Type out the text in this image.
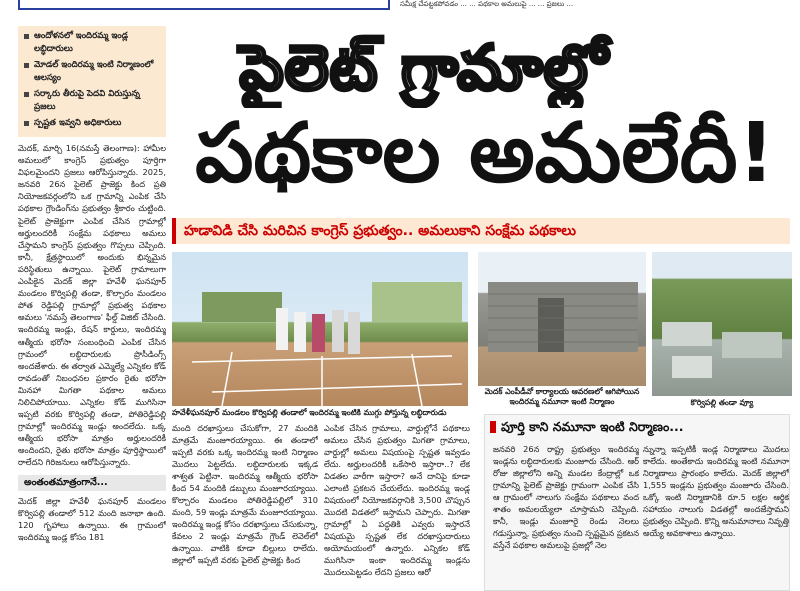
సమీక్ష చేపట్టకపోవడం ... ... పథకాల అమలుపై ... ... ప్రజలు ...
ఆందోళనలో ఇందిరమ్మ ఇండ్ల లబ్ధిదారులు
మోడల్ ఇందిరమ్మ ఇంటి నిర్మాణంలో ఆలస్యం
సర్కారు తీరుపై పెదవి విరుస్తున్న ప్రజలు
స్పష్టత ఇవ్వని అధికారులు

మెదక్, మార్చి 16(నమస్తే తెలంగాణ): హామీల అమలులో కాంగ్రెస్ ప్రభుత్వం పూర్తిగా విఫలమైందని ప్రజలు ఆరోపిస్తున్నారు. 2025, జనవరి 26న పైలెట్ ప్రాజెక్టు కింద ప్రతి నియోజకవర్గంలోని ఒక గ్రామాన్ని ఎంపిక చేసి పథకాల గ్రౌండింగ్‌ను ప్రభుత్వం శ్రీకారం చుట్టింది. పైలెట్ ప్రాజెక్టుగా ఎంపిక చేసిన గ్రామాల్లో అర్హులందరికీ సంక్షేమ పథకాలు అమలు చేస్తామని కాంగ్రెస్ ప్రభుత్వం గొప్పలు చెప్పింది. కానీ, క్షేత్రస్థాయిలో అందుకు భిన్నమైన పరిస్థితులు ఉన్నాయి. పైలెట్ గ్రామాలుగా ఎంపికైన మెదక్ జిల్లా హవేళీ ఘనపూర్ మండలం కొర్విపల్లి తండా, కొల్చారం మండలం పోత రెడ్డిపల్లి గ్రామాల్లో ప్రభుత్వ పథకాల అమలు 'నమస్తే తెలంగాణ' ఫీల్డ్ విజిట్ చేసింది. ఇందిరమ్మ ఇండ్లు, రేషన్ కార్డులు, ఇందిరమ్మ ఆత్మీయ భరోసా సంబంధించి ఎంపిక చేసిన గ్రామంలో లబ్ధిదారులకు ప్రొసీడింగ్స్ అందజేశారు. ఈ తర్వాత ఎమ్మెల్యే ఎన్నికల కోడ్ రావడంతో నిబంధనల ప్రకారం రైతు భరోసా మినహా మిగతా పథకాల అమలు నిలిచిపోయాయి. ఎన్నికల కోడ్ ముగిసినా ఇప్పటి వరకు కొర్విపల్లి తండా, పోతిరెడ్డిపల్లి గ్రామాల్లో ఇందిరమ్మ ఇండ్లు అందలేదు. ఒక్క ఆత్మీయ భరోసా మాత్రం అర్హులందరికీ అందిందని, రైతు భరోసా మాత్రం పూర్తిస్థాయిలో రాలేదని గిరిజనులు ఆరోపిస్తున్నారు.

అంతంతమాత్రంగానే...

మెదక్ జిల్లా హవేళీ ఘనపూర్ మండలం కొర్విపల్లి తండాలో 512 మంది జనాభా ఉంది. 120 గృహాలు ఉన్నాయి. ఈ గ్రామంలో ఇందిరమ్మ ఇండ్ల కోసం 181

పైలెట్ గ్రామాల్లో
పథకాల అమలేదీ!
హడావిడి చేసి మరిచిన కాంగ్రెస్ ప్రభుత్వం.. అమలుకాని సంక్షేమ పథకాలు
హవేళీఘనపూర్ మండలం కొర్విపల్లి తండాలో ఇందిరమ్మ ఇంటికి ముగ్గు పోస్తున్న లబ్ధిదారుడు
మెదక్ ఎంపీడీవో కార్యాలయ ఆవరణలో ఆగిపోయిన ఇందిరమ్మ నమూనా ఇంటి నిర్మాణం	కొర్విపల్లి తండా వ్యూ
మంది దరఖాస్తులు చేసుకోగా, 27 మందికి మాత్రమే మంజూరయ్యాయి. ఈ తండాలో ఇప్పటి వరకు ఒక్క ఇందిరమ్మ ఇంటి నిర్మాణం మొదలు పెట్టలేదు. లబ్ధిదారులకు ఇక్కడ శాశ్వత పెట్టినా. ఇందిరమ్మ ఆత్మీయ భరోసా కింద 54 మందికి డబ్బులు మంజూరయ్యాయి. కొల్చారం మండలం పోతిరెడ్డిపల్లిలో 310 మంది, 59 ఇండ్లు మాత్రమే మంజూరయ్యాయి. ఇందిరమ్మ ఇండ్ల కోసం దరఖాస్తులు చేసుకున్నా, కేవలం 2 ఇండ్లు మాత్రమే గ్రౌండ్ లెవెల్‌లో ఉన్నాయి. వాటికి కూడా బిల్లులు రాలేదు. జిల్లాలో ఇప్పటి వరకు పైలెట్ ప్రాజెక్టు కింద
ఎంపిక చేసిన గ్రామాలు, వార్డుల్లోనే పథకాలు అమలు చేసిన ప్రభుత్వం మిగతా గ్రామాలు, వార్డుల్లో అమలు విషయంపై స్పష్టత ఇవ్వడం లేదు. అర్హులందరికీ ఒకేసారి ఇస్తారా..? లేక విడతల వారీగా ఇస్తారా? అనే దానిపై కూడా ఎలాంటి ప్రకటన చేయలేదు. ఇందిరమ్మ ఇండ్ల విషయంలో నియోజకవర్గానికి 3,500 చొప్పున మొదటి విడతలో ఇస్తామని చెప్పారు. మిగతా గ్రామాల్లో ఏ పద్ధతికి ఎవ్వరు ఇస్తారనే విషయమై స్పష్టత లేక దరఖాస్తుదారులు అయోమయంలో ఉన్నారు. ఎన్నికల కోడ్ ముగిసినా ఇంకా ఇందిరమ్మ ఇండ్లను మొదలుపెట్టడం లేదని ప్రజలు ఆరో
పూర్తి కాని నమూనా ఇంటి నిర్మాణం...
జనవరి 26న రాష్ట్ర ప్రభుత్వం ఇందిరమ్మ ఇండ్లను లబ్ధిదారులకు మంజూరు చేసింది. ఆర్ రోజు జిల్లాలోని అన్ని మండల కేంద్రాల్లో ఒక గ్రామాన్ని పైలెట్ ప్రాజెక్టు గ్రామంగా ఎంపిక చేసి ఆ గ్రామంలో నాలుగు సంక్షేమ పథకాలు వంద శాతం అమలయ్యేలా చూస్తామని చెప్పింది. కానీ, ఇండ్లు మంజూరై రెండు నెలలు గడుస్తున్నా, ప్రభుత్వం నుంచి స్పష్టమైన ప్రకటన వస్తేనే పథకాల అమలుపై ప్రజల్లో నెల
న్నున్నా ఇప్పటికీ ఇండ్ల నిర్మాణాలు మొదలు కాలేదు. అంతేకాదు ఇందిరమ్మ ఇంటి నమూనా నిర్మాణాలు ప్రారంభం కాలేదు. మెదక్ జిల్లాలో 1,555 ఇండ్లను ప్రభుత్వం మంజూరు చేసింది. ఒక్కో ఇంటి నిర్మాణానికి రూ.5 లక్షల ఆర్థిక సహాయం నాలుగు విడతల్లో అందజేస్తామని ప్రభుత్వం చెప్పింది. కొన్ని అనుమానాలు నివృత్తి అయ్యే అవకాశాలు ఉన్నాయి.
